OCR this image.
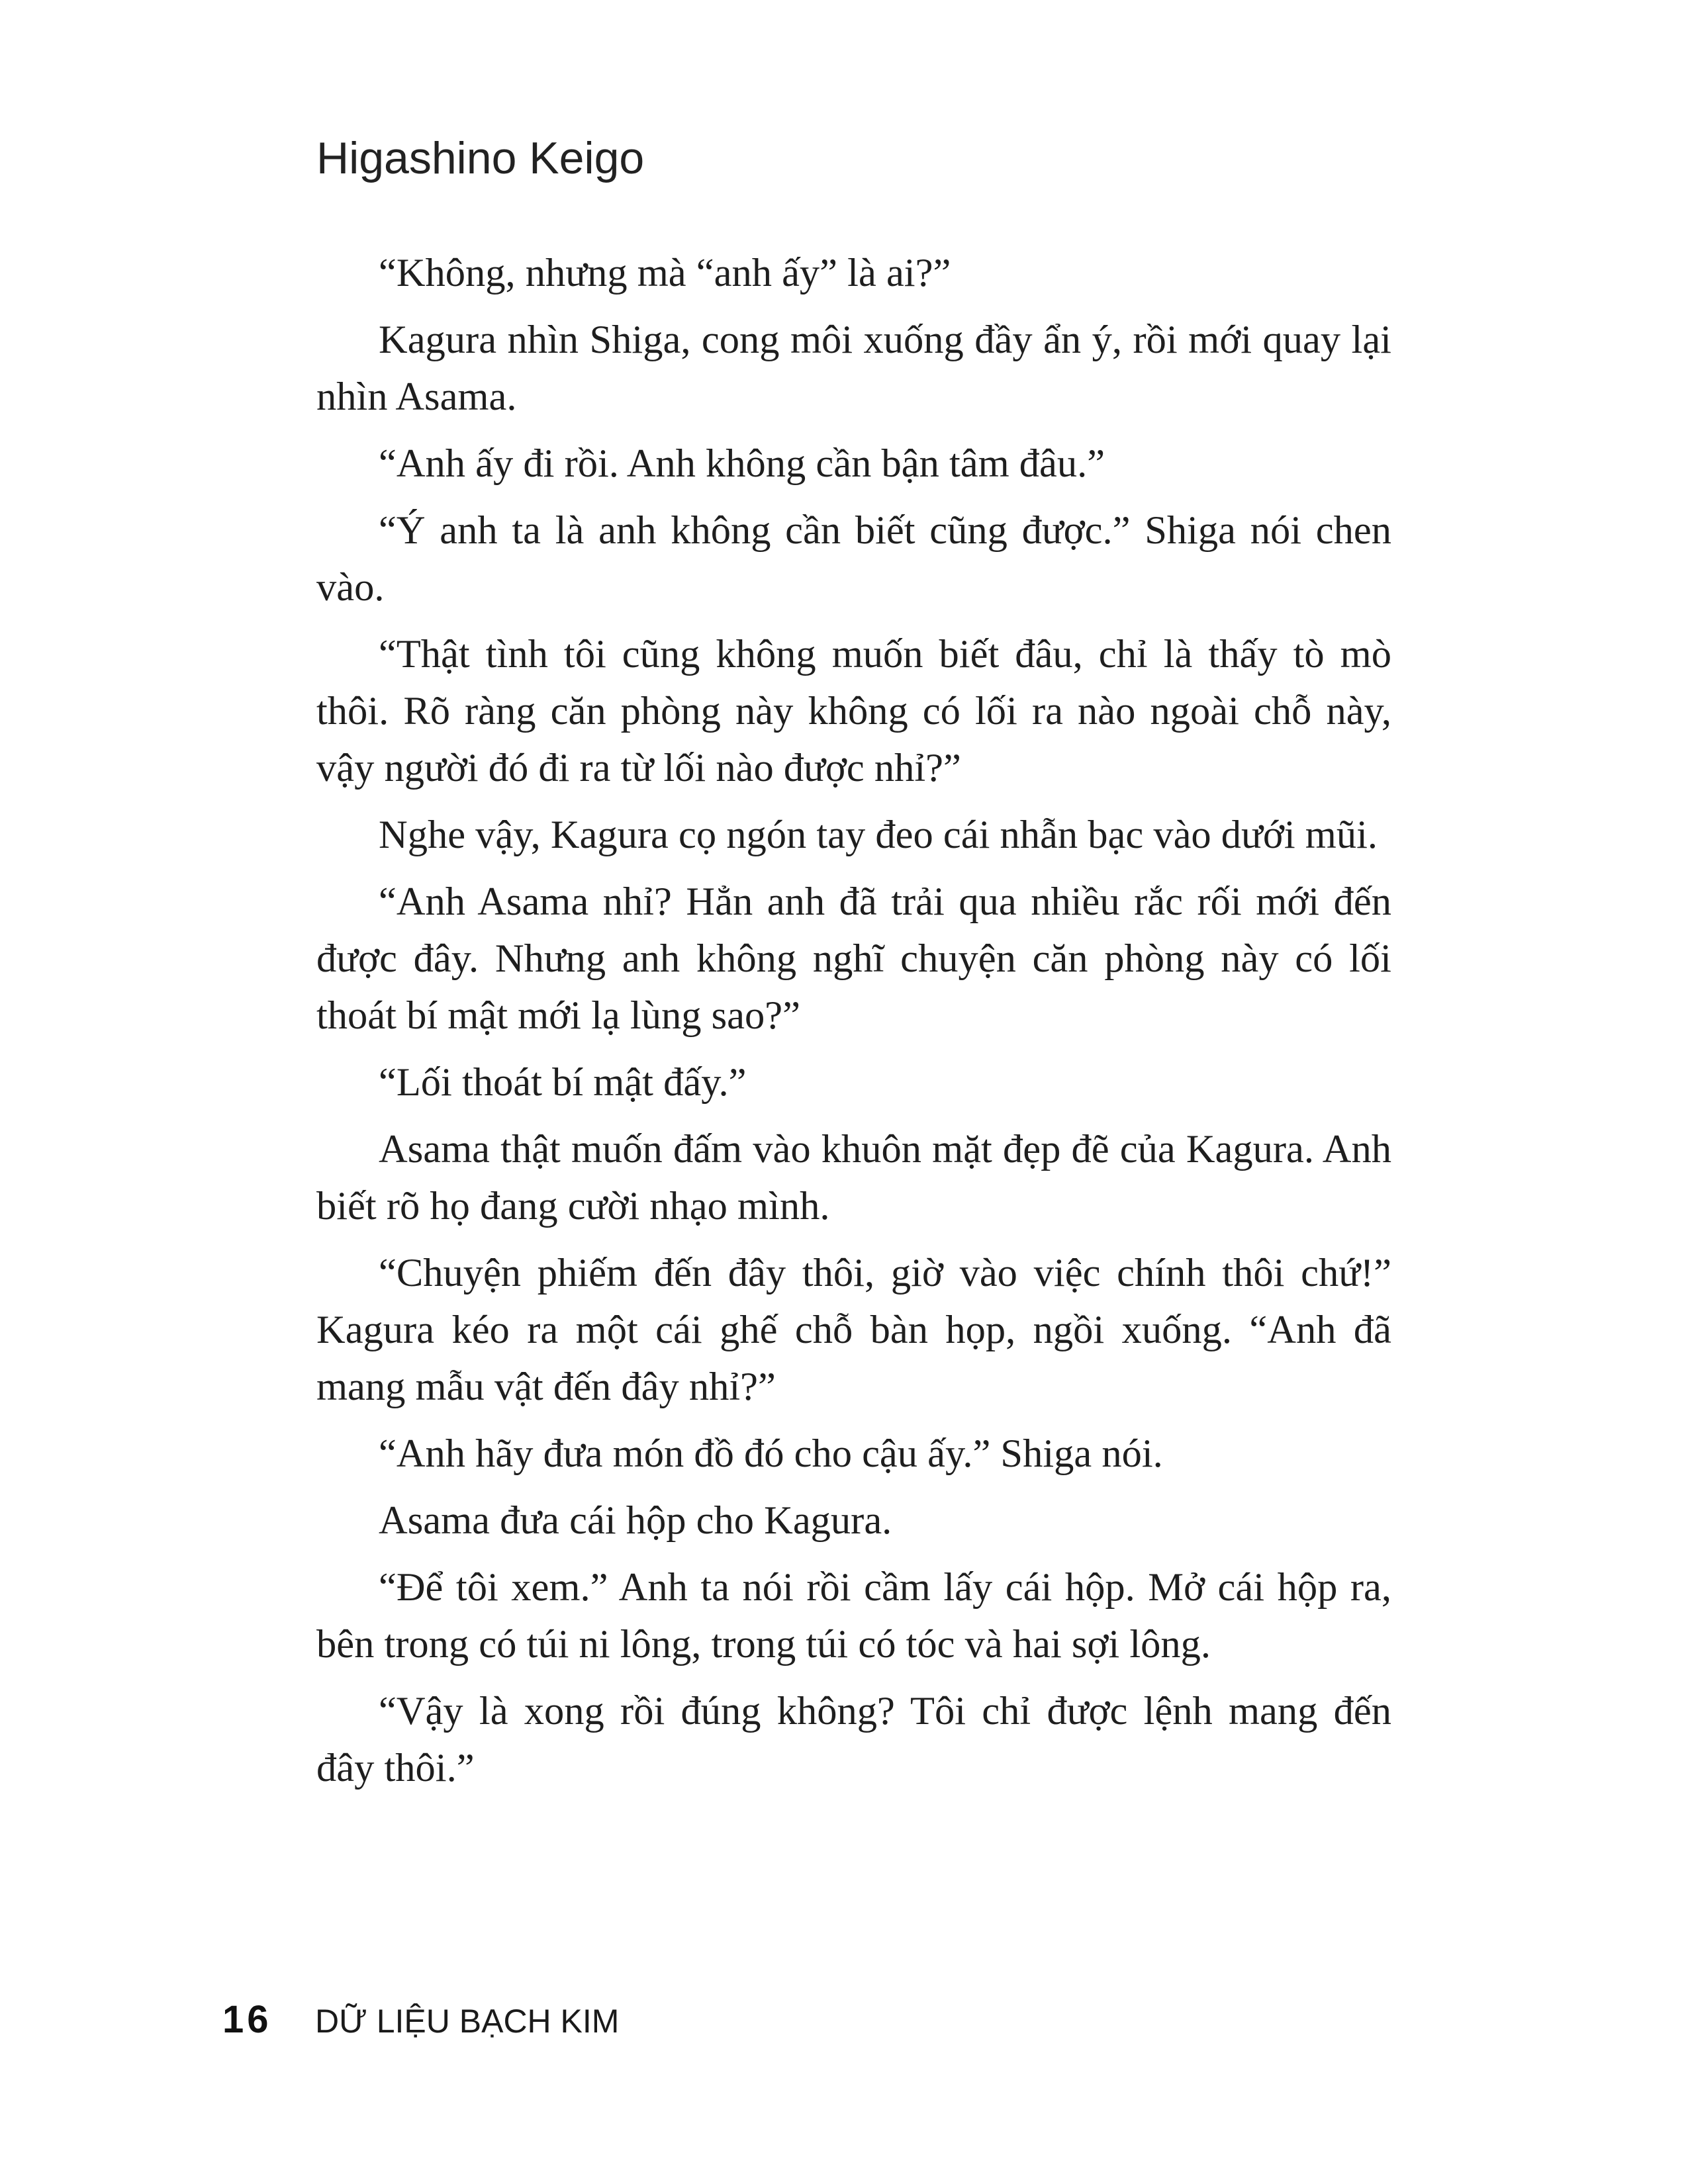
Higashino Keigo

“Không, nhưng mà “anh ấy” là ai?”

Kagura nhìn Shiga, cong môi xuống đầy ẩn ý, rồi mới quay lại nhìn Asama.

“Anh ấy đi rồi. Anh không cần bận tâm đâu.”

“Ý anh ta là anh không cần biết cũng được.” Shiga nói chen vào.

“Thật tình tôi cũng không muốn biết đâu, chỉ là thấy tò mò thôi. Rõ ràng căn phòng này không có lối ra nào ngoài chỗ này, vậy người đó đi ra từ lối nào được nhỉ?”

Nghe vậy, Kagura cọ ngón tay đeo cái nhẫn bạc vào dưới mũi.

“Anh Asama nhỉ? Hẳn anh đã trải qua nhiều rắc rối mới đến được đây. Nhưng anh không nghĩ chuyện căn phòng này có lối thoát bí mật mới lạ lùng sao?”

“Lối thoát bí mật đấy.”

Asama thật muốn đấm vào khuôn mặt đẹp đẽ của Kagura. Anh biết rõ họ đang cười nhạo mình.

“Chuyện phiếm đến đây thôi, giờ vào việc chính thôi chứ!” Kagura kéo ra một cái ghế chỗ bàn họp, ngồi xuống. “Anh đã mang mẫu vật đến đây nhỉ?”

“Anh hãy đưa món đồ đó cho cậu ấy.” Shiga nói.

Asama đưa cái hộp cho Kagura.

“Để tôi xem.” Anh ta nói rồi cầm lấy cái hộp. Mở cái hộp ra, bên trong có túi ni lông, trong túi có tóc và hai sợi lông.

“Vậy là xong rồi đúng không? Tôi chỉ được lệnh mang đến đây thôi.”

16	DỮ LIỆU BẠCH KIM
